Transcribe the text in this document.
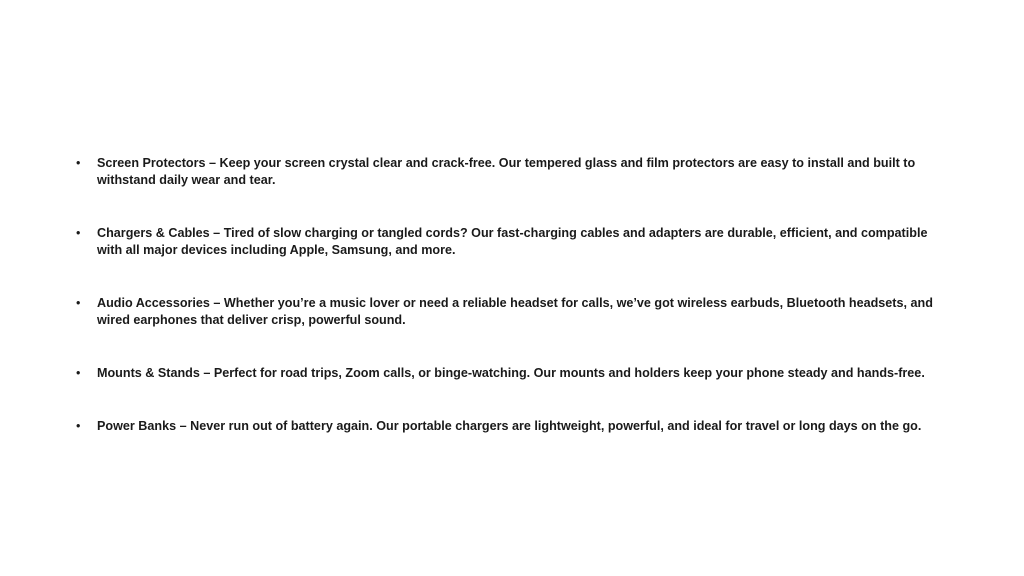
• Screen Protectors – Keep your screen crystal clear and crack-free. Our tempered glass and film protectors are easy to install and built to withstand daily wear and tear.
• Chargers & Cables – Tired of slow charging or tangled cords? Our fast-charging cables and adapters are durable, efficient, and compatible with all major devices including Apple, Samsung, and more.
• Audio Accessories – Whether you’re a music lover or need a reliable headset for calls, we’ve got wireless earbuds, Bluetooth headsets, and wired earphones that deliver crisp, powerful sound.
• Mounts & Stands – Perfect for road trips, Zoom calls, or binge-watching. Our mounts and holders keep your phone steady and hands-free.
• Power Banks – Never run out of battery again. Our portable chargers are lightweight, powerful, and ideal for travel or long days on the go.
